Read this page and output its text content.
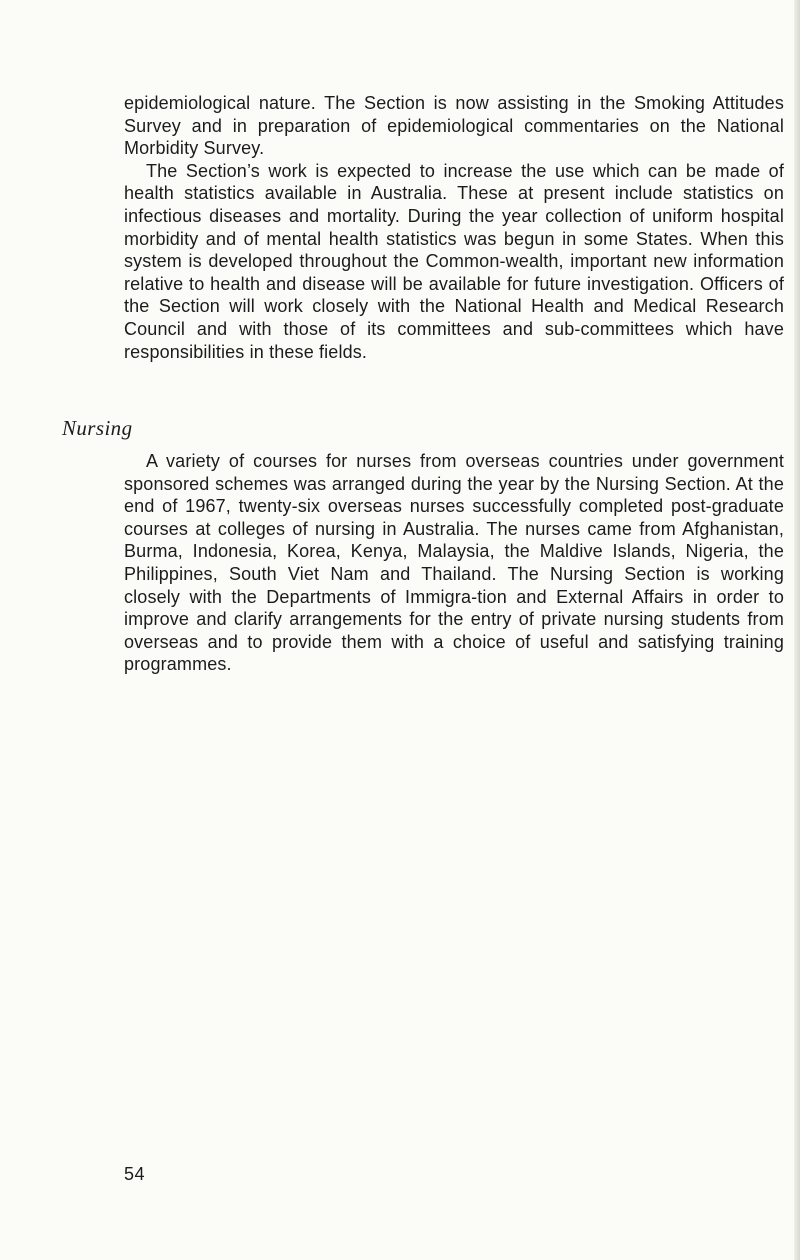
epidemiological nature. The Section is now assisting in the Smoking Attitudes Survey and in preparation of epidemiological commentaries on the National Morbidity Survey.

The Section’s work is expected to increase the use which can be made of health statistics available in Australia. These at present include statistics on infectious diseases and mortality. During the year collection of uniform hospital morbidity and of mental health statistics was begun in some States. When this system is developed throughout the Common-wealth, important new information relative to health and disease will be available for future investigation. Officers of the Section will work closely with the National Health and Medical Research Council and with those of its committees and sub-committees which have responsibilities in these fields.

Nursing

A variety of courses for nurses from overseas countries under government sponsored schemes was arranged during the year by the Nursing Section. At the end of 1967, twenty-six overseas nurses successfully completed post-graduate courses at colleges of nursing in Australia. The nurses came from Afghanistan, Burma, Indonesia, Korea, Kenya, Malaysia, the Maldive Islands, Nigeria, the Philippines, South Viet Nam and Thailand. The Nursing Section is working closely with the Departments of Immigra-tion and External Affairs in order to improve and clarify arrangements for the entry of private nursing students from overseas and to provide them with a choice of useful and satisfying training programmes.

54
